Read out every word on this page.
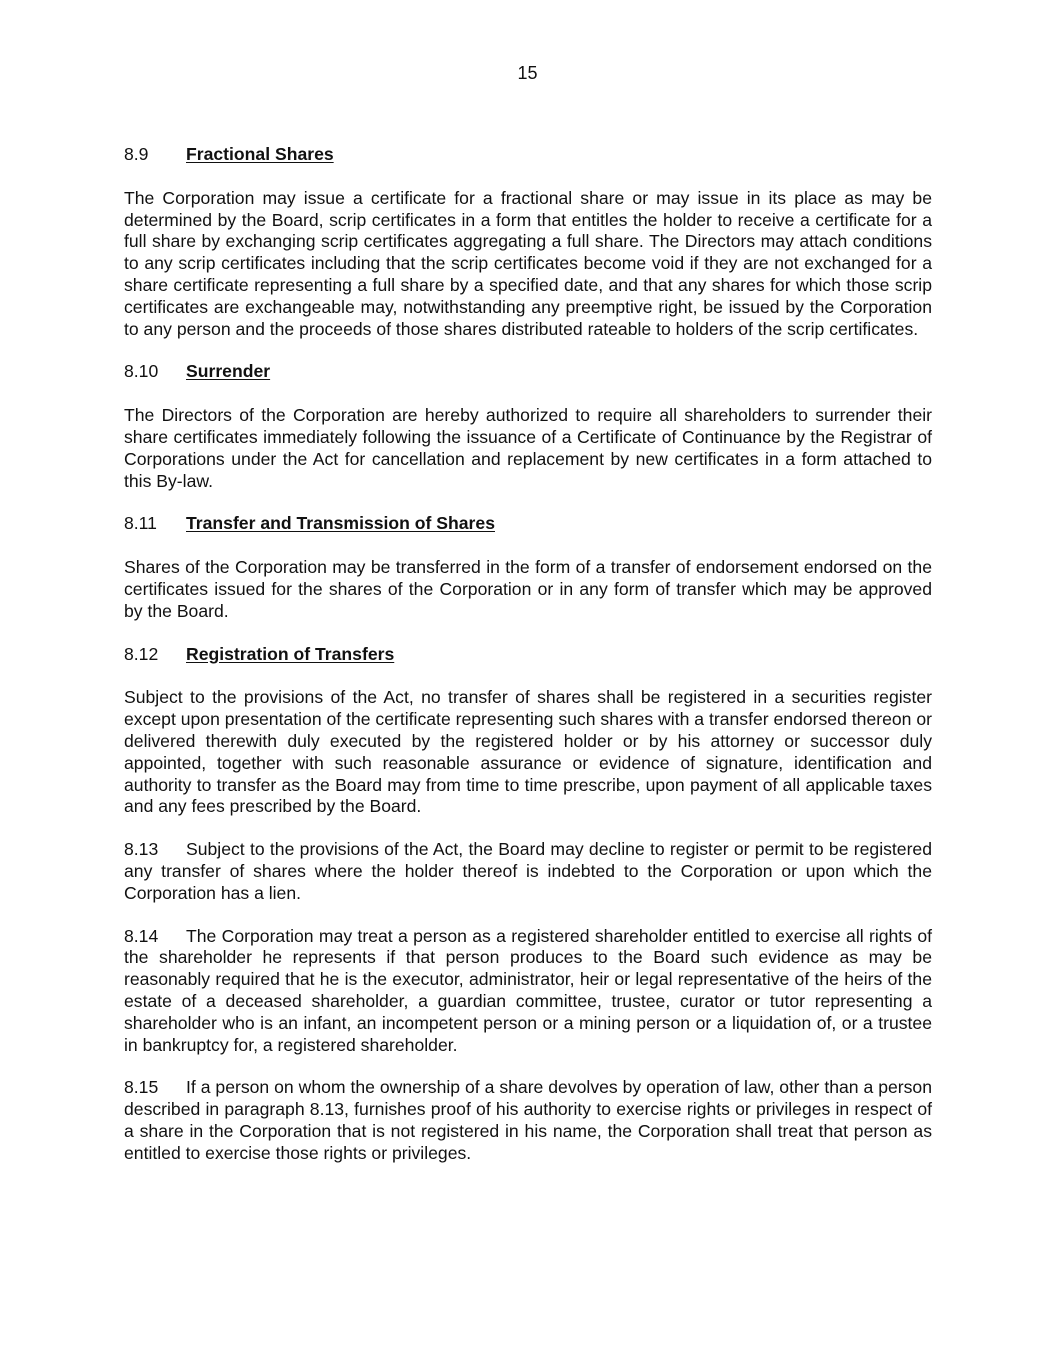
15
8.9	Fractional Shares

The Corporation may issue a certificate for a fractional share or may issue in its place as may be determined by the Board, scrip certificates in a form that entitles the holder to receive a certificate for a full share by exchanging scrip certificates aggregating a full share. The Directors may attach conditions to any scrip certificates including that the scrip certificates become void if they are not exchanged for a share certificate representing a full share by a specified date, and that any shares for which those scrip certificates are exchangeable may, notwithstanding any preemptive right, be issued by the Corporation to any person and the proceeds of those shares distributed rateable to holders of the scrip certificates.

8.10	Surrender

The Directors of the Corporation are hereby authorized to require all shareholders to surrender their share certificates immediately following the issuance of a Certificate of Continuance by the Registrar of Corporations under the Act for cancellation and replacement by new certificates in a form attached to this By-law.

8.11	Transfer and Transmission of Shares

Shares of the Corporation may be transferred in the form of a transfer of endorsement endorsed on the certificates issued for the shares of the Corporation or in any form of transfer which may be approved by the Board.

8.12	Registration of Transfers

Subject to the provisions of the Act, no transfer of shares shall be registered in a securities register except upon presentation of the certificate representing such shares with a transfer endorsed thereon or delivered therewith duly executed by the registered holder or by his attorney or successor duly appointed, together with such reasonable assurance or evidence of signature, identification and authority to transfer as the Board may from time to time prescribe, upon payment of all applicable taxes and any fees prescribed by the Board.

8.13 Subject to the provisions of the Act, the Board may decline to register or permit to be registered any transfer of shares where the holder thereof is indebted to the Corporation or upon which the Corporation has a lien.

8.14 The Corporation may treat a person as a registered shareholder entitled to exercise all rights of the shareholder he represents if that person produces to the Board such evidence as may be reasonably required that he is the executor, administrator, heir or legal representative of the heirs of the estate of a deceased shareholder, a guardian committee, trustee, curator or tutor representing a shareholder who is an infant, an incompetent person or a mining person or a liquidation of, or a trustee in bankruptcy for, a registered shareholder.

8.15 If a person on whom the ownership of a share devolves by operation of law, other than a person described in paragraph 8.13, furnishes proof of his authority to exercise rights or privileges in respect of a share in the Corporation that is not registered in his name, the Corporation shall treat that person as entitled to exercise those rights or privileges.
